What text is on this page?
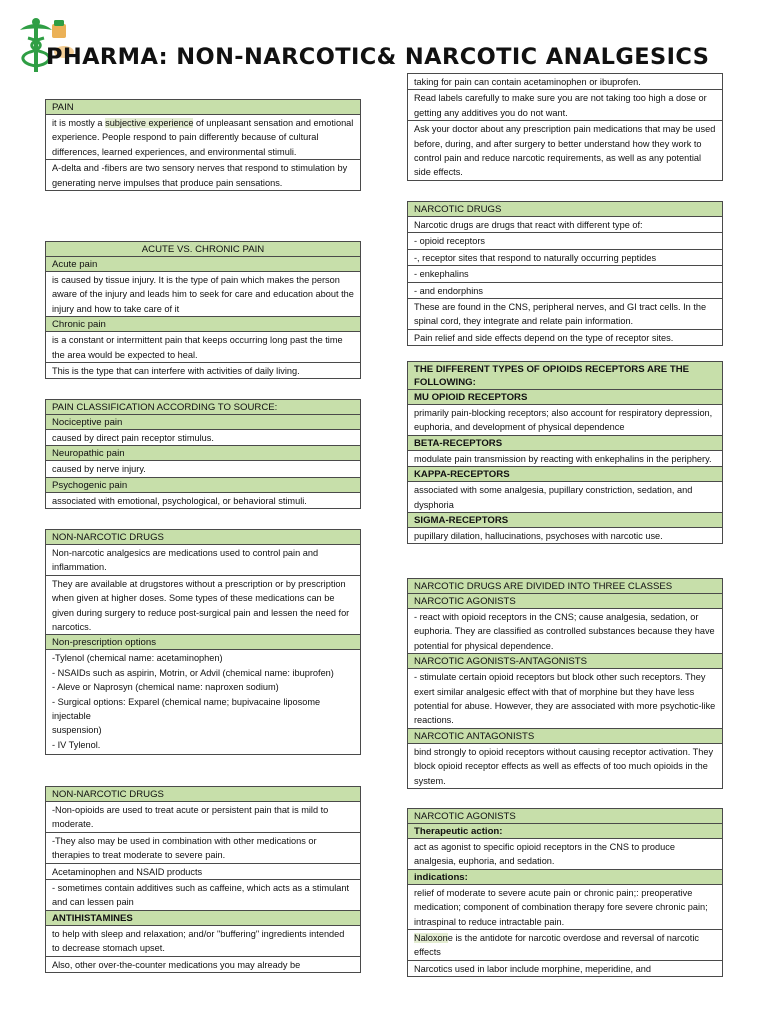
PHARMA: NON-NARCOTIC& NARCOTIC ANALGESICS
PAIN
it is mostly a subjective experience of unpleasant sensation and emotional experience. People respond to pain differently because of cultural differences, learned experiences, and environmental stimuli.
A-delta and -fibers are two sensory nerves that respond to stimulation by generating nerve impulses that produce pain sensations.
ACUTE VS. CHRONIC PAIN
Acute pain
is caused by tissue injury. It is the type of pain which makes the person aware of the injury and leads him to seek for care and education about the injury and how to take care of it
Chronic pain
is a constant or intermittent pain that keeps occurring long past the time the area would be expected to heal.
This is the type that can interfere with activities of daily living.
PAIN CLASSIFICATION ACCORDING TO SOURCE:
Nociceptive pain
caused by direct pain receptor stimulus.
Neuropathic pain
caused by nerve injury.
Psychogenic pain
associated with emotional, psychological, or behavioral stimuli.
NON-NARCOTIC DRUGS
Non-narcotic analgesics are medications used to control pain and inflammation.
They are available at drugstores without a prescription or by prescription when given at higher doses. Some types of these medications can be given during surgery to reduce post-surgical pain and lessen the need for narcotics.
Non-prescription options
-Tylenol (chemical name: acetaminophen)
- NSAIDs such as aspirin, Motrin, or Advil (chemical name: ibuprofen)
- Aleve or Naprosyn (chemical name: naproxen sodium)
- Surgical options: Exparel (chemical name; bupivacaine liposome injectable
suspension)
- IV Tylenol.
NON-NARCOTIC DRUGS
-Non-opioids are used to treat acute or persistent pain that is mild to moderate.
-They also may be used in combination with other medications or therapies to treat moderate to severe pain.
Acetaminophen and NSAID products
- sometimes contain additives such as caffeine, which acts as a stimulant and can lessen pain
ANTIHISTAMINES
to help with sleep and relaxation; and/or "buffering" ingredients intended to decrease stomach upset.
Also, other over-the-counter medications you may already be
taking for pain can contain acetaminophen or ibuprofen.
Read labels carefully to make sure you are not taking too high a dose or getting any additives you do not want.
Ask your doctor about any prescription pain medications that may be used before, during, and after surgery to better understand how they work to control pain and reduce narcotic requirements, as well as any potential side effects.
NARCOTIC DRUGS
Narcotic drugs are drugs that react with different type of:
- opioid receptors
-, receptor sites that respond to naturally occurring peptides
- enkephalins
- and endorphins
These are found in the CNS, peripheral nerves, and GI tract cells. In the spinal cord, they integrate and relate pain information.
Pain relief and side effects depend on the type of receptor sites.
THE DIFFERENT TYPES OF OPIOIDS RECEPTORS ARE THE FOLLOWING:
MU OPIOID RECEPTORS
primarily pain-blocking receptors; also account for respiratory depression, euphoria, and development of physical dependence
BETA-RECEPTORS
modulate pain transmission by reacting with enkephalins in the periphery.
KAPPA-RECEPTORS
associated with some analgesia, pupillary constriction, sedation, and dysphoria
SIGMA-RECEPTORS
pupillary dilation, hallucinations, psychoses with narcotic use.
NARCOTIC DRUGS ARE DIVIDED INTO THREE CLASSES
NARCOTIC AGONISTS
- react with opioid receptors in the CNS; cause analgesia, sedation, or euphoria. They are classified as controlled substances because they have potential for physical dependence.
NARCOTIC AGONISTS-ANTAGONISTS
- stimulate certain opioid receptors but block other such receptors. They exert similar analgesic effect with that of morphine but they have less potential for abuse. However, they are associated with more psychotic-like reactions.
NARCOTIC ANTAGONISTS
bind strongly to opioid receptors without causing receptor activation. They block opioid receptor effects as well as effects of too much opioids in the system.
NARCOTIC AGONISTS
Therapeutic action:
act as agonist to specific opioid receptors in the CNS to produce analgesia, euphoria, and sedation.
indications:
relief of moderate to severe acute pain or chronic pain;: preoperative medication; component of combination therapy fore severe chronic pain; intraspinal to reduce intractable pain.
Naloxone is the antidote for narcotic overdose and reversal of narcotic effects
Narcotics used in labor include morphine, meperidine, and
